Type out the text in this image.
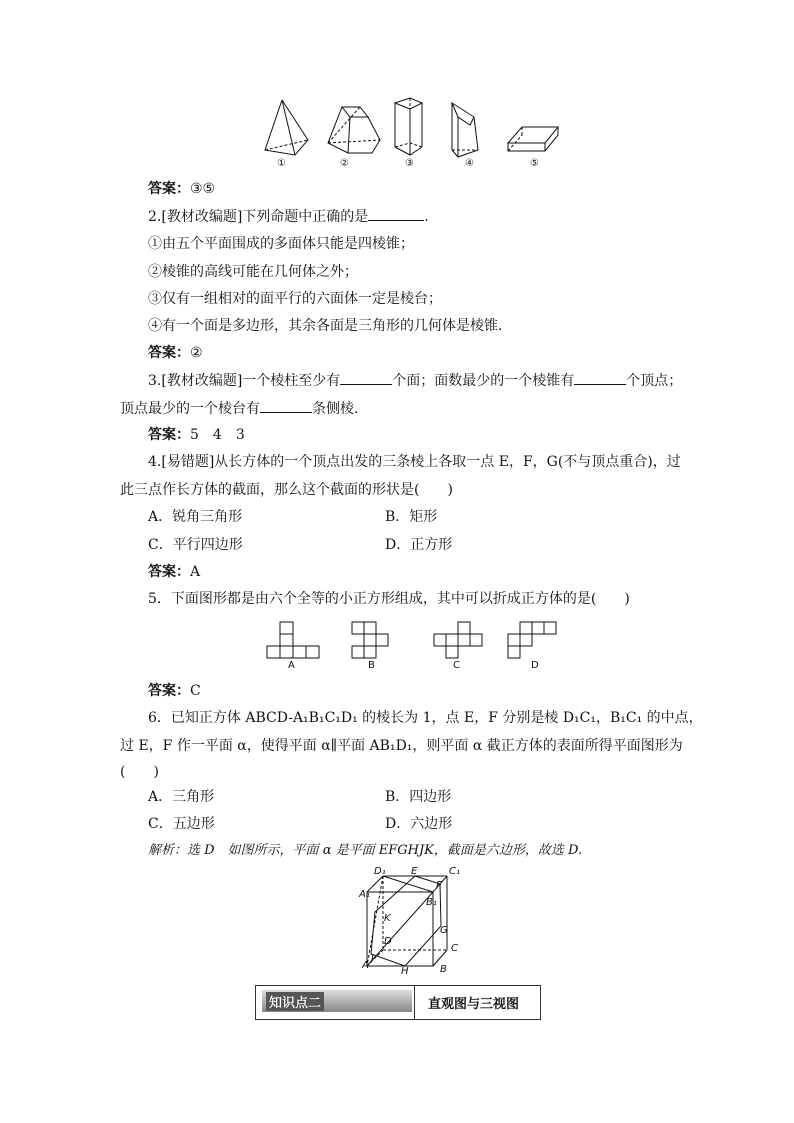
①	②	③	④	⑤
答案：③⑤
2.[教材改编题]下列命题中正确的是	.
①由五个平面围成的多面体只能是四棱锥；
②棱锥的高线可能在几何体之外；
③仅有一组相对的面平行的六面体一定是棱台；
④有一个面是多边形，其余各面是三角形的几何体是棱锥.
答案：②
3.[教材改编题]一个棱柱至少有	个面；面数最少的一个棱锥有	个顶点；
顶点最少的一个棱台有	条侧棱.
答案：5　4　3
4.[易错题]从长方体的一个顶点出发的三条棱上各取一点 E，F，G(不与顶点重合)，过
此三点作长方体的截面，那么这个截面的形状是(　　)
A．锐角三角形	B．矩形
C．平行四边形	D．正方形
答案：A
5．下面图形都是由六个全等的小正方形组成，其中可以折成正方体的是(　　)
A	B	C	D
答案：C
6．已知正方体 ABCD-A₁B₁C₁D₁ 的棱长为 1，点 E，F 分别是棱 D₁C₁，B₁C₁ 的中点，
过 E，F 作一平面 α，使得平面 α∥平面 AB₁D₁，则平面 α 截正方体的表面所得平面图形为
(　　)
A．三角形	B．四边形
C．五边形	D．六边形
解析：选 D　如图所示，平面 α 是平面 EFGHJK，截面是六边形，故选 D.
D₁	E	C₁
A₁
F
B₁
K
D
G
C
J
A
H	B
知识点二	直观图与三视图
